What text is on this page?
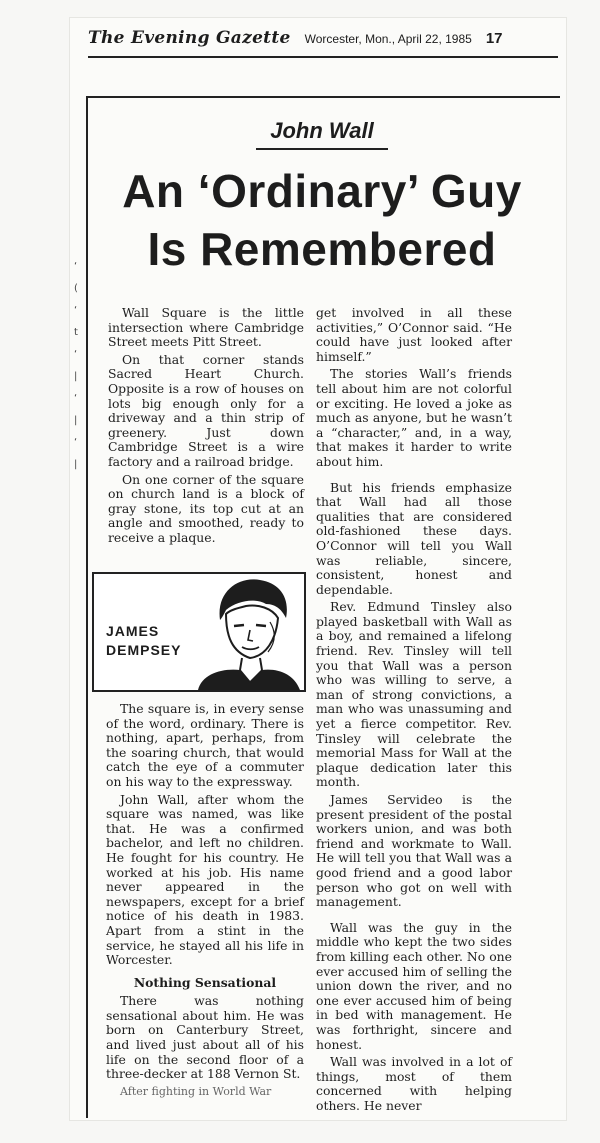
The Evening Gazette Worcester, Mon., April 22, 1985 17
‘
(
‘
t
‘
|
‘
|
‘
|
John Wall
An ‘Ordinary’ Guy
Is Remembered

Wall Square is the little intersection where Cambridge Street meets Pitt Street.

On that corner stands Sacred Heart Church. Opposite is a row of houses on lots big enough only for a driveway and a thin strip of greenery. Just down Cambridge Street is a wire factory and a railroad bridge.

On one corner of the square on church land is a block of gray stone, its top cut at an angle and smoothed, ready to receive a plaque.

JAMES
DEMPSEY

The square is, in every sense of the word, ordinary. There is nothing, apart, perhaps, from the soaring church, that would catch the eye of a commuter on his way to the expressway.

John Wall, after whom the square was named, was like that. He was a confirmed bachelor, and left no children. He fought for his country. He worked at his job. His name never appeared in the newspapers, except for a brief notice of his death in 1983. Apart from a stint in the service, he stayed all his life in Worcester.

Nothing Sensational

There was nothing sensational about him. He was born on Canterbury Street, and lived just about all of his life on the second floor of a three-decker at 188 Vernon St.

After fighting in World War

get involved in all these activities,” O’Connor said. “He could have just looked after himself.”

The stories Wall’s friends tell about him are not colorful or exciting. He loved a joke as much as anyone, but he wasn’t a “character,” and, in a way, that makes it harder to write about him.

But his friends emphasize that Wall had all those qualities that are considered old-fashioned these days. O’Connor will tell you Wall was reliable, sincere, consistent, honest and dependable.

Rev. Edmund Tinsley also played basketball with Wall as a boy, and remained a lifelong friend. Rev. Tinsley will tell you that Wall was a person who was willing to serve, a man of strong convictions, a man who was unassuming and yet a fierce competitor. Rev. Tinsley will celebrate the memorial Mass for Wall at the plaque dedication later this month.

James Servideo is the present president of the postal workers union, and was both friend and workmate to Wall. He will tell you that Wall was a good friend and a good labor person who got on well with management.

Wall was the guy in the middle who kept the two sides from killing each other. No one ever accused him of selling the union down the river, and no one ever accused him of being in bed with management. He was forthright, sincere and honest.

Wall was involved in a lot of things, most of them concerned with helping others. He never
